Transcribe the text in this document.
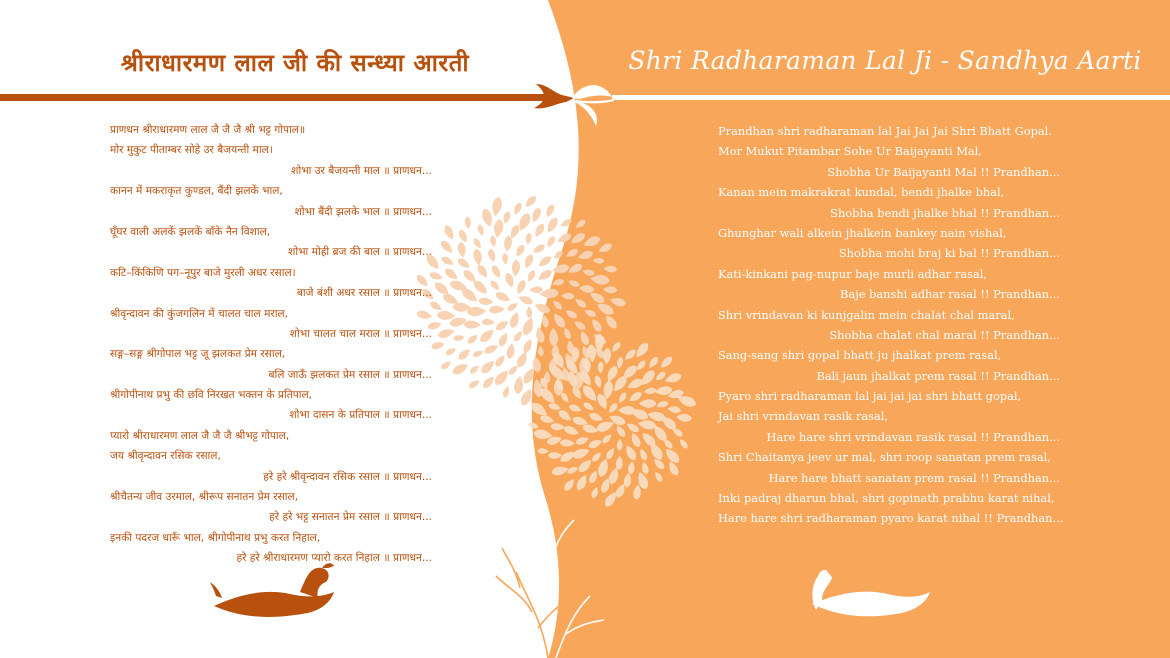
श्रीराधारमण लाल जी की सन्ध्या आरती	Shri Radharaman Lal Ji - Sandhya Aarti
प्राणधन श्रीराधारमण लाल जै जै जै श्री भट्ट गोपाल॥
मोर मुकुट पीताम्बर सोहे उर बैजयन्ती माल।
शोभा उर बैजयन्ती माल ॥ प्राणधन...
कानन में मकराकृत कुण्डल, बैंदी झलकें भाल,
शोभा बैंदी झलके भाल ॥ प्राणधन...
घूँघर वाली अलकें झलकें बाँके नैन विशाल,
शोभा मोही ब्रज की बाल ॥ प्राणधन...
कटि–किंकिणि पग–नूपुर बाजे मुरली अधर रसाल।
बाजे बंशी अधर रसाल ॥ प्राणधन...
श्रीवृन्दावन की कुंजगलिन में चालत चाल मराल,
शोभा चालत चाल मराल ॥ प्राणधन...
सङ्ग–सङ्ग श्रीगोपाल भट्ट जू झलकत प्रेम रसाल,
बलि जाऊँ झलकत प्रेम रसाल ॥ प्राणधन...
श्रीगोपीनाथ प्रभु की छवि निरखत भक्तन के प्रतिपाल,
शोभा दासन के प्रतिपाल ॥ प्राणधन...
प्यारो श्रीराधारमण लाल जै जै जै श्रीभट्ट गोपाल,
जय श्रीवृन्दावन रसिक रसाल,
हरे हरे श्रीवृन्दावन रसिक रसाल ॥ प्राणधन...
श्रीचैतन्य जीव उरमाल, श्रीरूप सनातन प्रेम रसाल,
हरे हरे भट्ट सनातन प्रेम रसाल ॥ प्राणधन...
इनकी पदरज धारूँ भाल, श्रीगोपीनाथ प्रभु करत निहाल,
हरे हरे श्रीराधारमण प्यारो करत निहाल ॥ प्राणधन...
Prandhan shri radharaman lal Jai Jai Jai Shri Bhatt Gopal.
Mor Mukut Pitambar Sohe Ur Baijayanti Mal,
Shobha Ur Baijayanti Mal !! Prandhan...
Kanan mein makrakrat kundal, bendi jhalke bhal,
Shobha bendi jhalke bhal !! Prandhan...
Ghunghar wali alkein jhalkein bankey nain vishal,
Shobha mohi braj ki bal !! Prandhan...
Kati-kinkani pag-nupur baje murli adhar rasal,
Baje banshi adhar rasal !! Prandhan...
Shri vrindavan ki kunjgalin mein chalat chal maral,
Shobha chalat chal maral !! Prandhan...
Sang-sang shri gopal bhatt ju jhalkat prem rasal,
Bali jaun jhalkat prem rasal !! Prandhan...
Pyaro shri radharaman lal jai jai jai shri bhatt gopal,
Jai shri vrindavan rasik rasal,
Hare hare shri vrindavan rasik rasal !! Prandhan...
Shri Chaitanya jeev ur mal, shri roop sanatan prem rasal,
Hare hare bhatt sanatan prem rasal !! Prandhan...
Inki padraj dharun bhal, shri gopinath prabhu karat nihal,
Hare hare shri radharaman pyaro karat nihal !! Prandhan...
